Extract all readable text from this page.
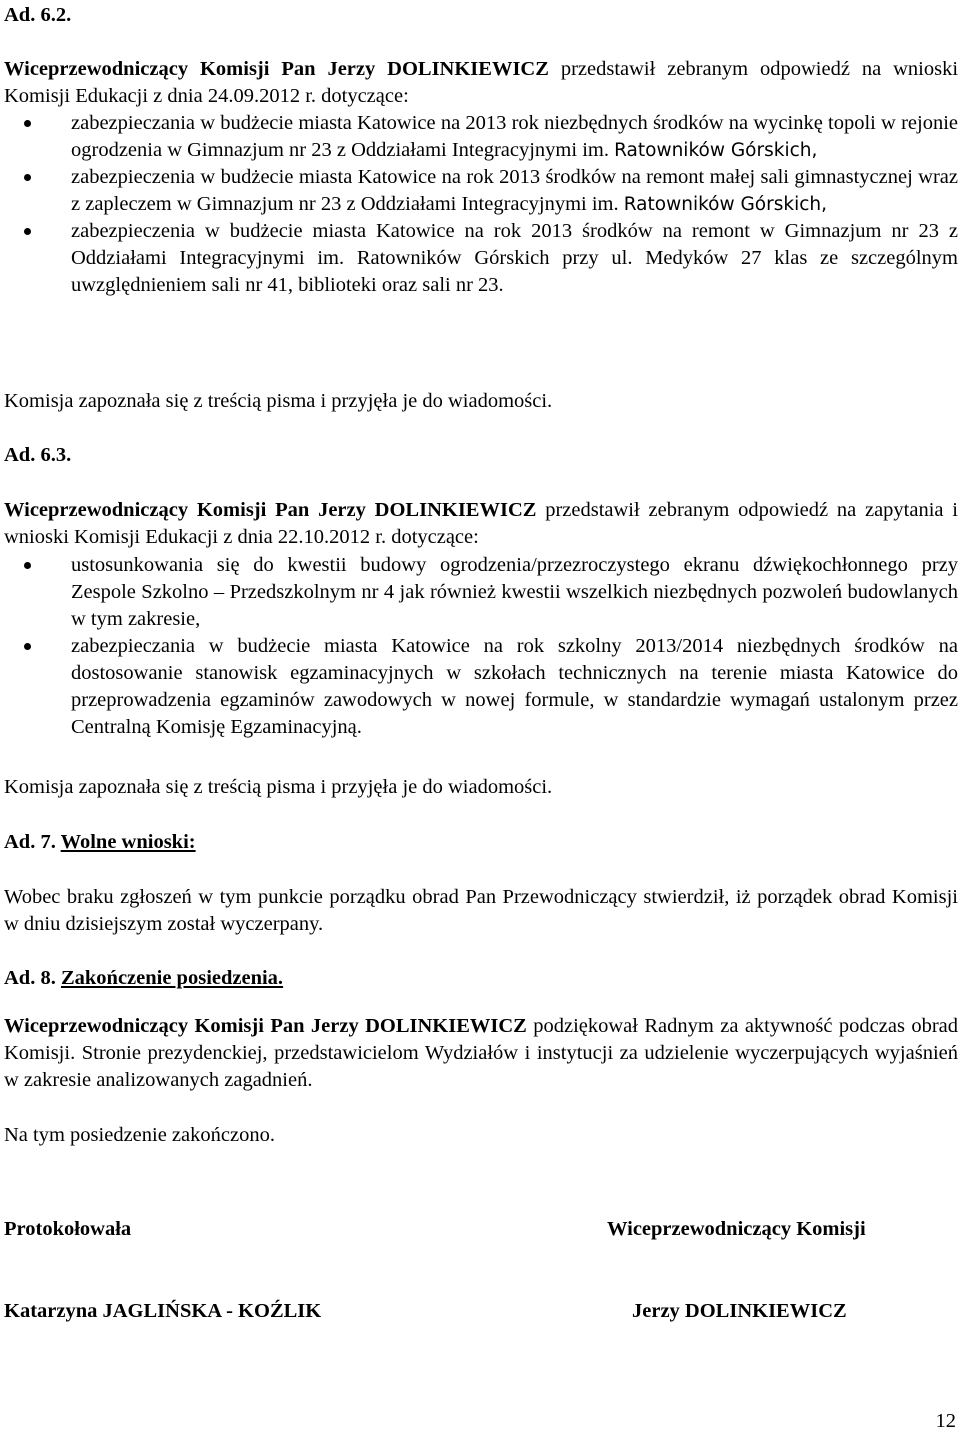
Ad. 6.2.
Wiceprzewodniczący Komisji Pan Jerzy DOLINKIEWICZ przedstawił zebranym odpowiedź na wnioski Komisji Edukacji z dnia 24.09.2012 r. dotyczące:
zabezpieczania w budżecie miasta Katowice na 2013 rok niezbędnych środków na wycinkę topoli w rejonie ogrodzenia w Gimnazjum nr 23 z Oddziałami Integracyjnymi im. Ratowników Górskich,
zabezpieczenia w budżecie miasta Katowice na rok 2013 środków na remont małej sali gimnastycznej wraz z zapleczem w Gimnazjum nr 23 z Oddziałami Integracyjnymi im. Ratowników Górskich,
zabezpieczenia w budżecie miasta Katowice na rok 2013 środków na remont w Gimnazjum nr 23 z Oddziałami Integracyjnymi im. Ratowników Górskich przy ul. Medyków 27 klas ze szczególnym uwzględnieniem sali nr 41, biblioteki oraz sali nr 23.
Komisja zapoznała się z treścią pisma i przyjęła je do wiadomości.
Ad. 6.3.
Wiceprzewodniczący Komisji Pan Jerzy DOLINKIEWICZ przedstawił zebranym odpowiedź na zapytania i wnioski Komisji Edukacji z dnia 22.10.2012 r. dotyczące:
ustosunkowania się do kwestii budowy ogrodzenia/przezroczystego ekranu dźwiękochłonnego przy Zespole Szkolno – Przedszkolnym nr 4 jak również kwestii wszelkich niezbędnych pozwoleń budowlanych w tym zakresie,
zabezpieczania w budżecie miasta Katowice na rok szkolny 2013/2014 niezbędnych środków na dostosowanie stanowisk egzaminacyjnych w szkołach technicznych na terenie miasta Katowice do przeprowadzenia egzaminów zawodowych w nowej formule, w standardzie wymagań ustalonym przez Centralną Komisję Egzaminacyjną.
Komisja zapoznała się z treścią pisma i przyjęła je do wiadomości.
Ad. 7. Wolne wnioski:
Wobec braku zgłoszeń w tym punkcie porządku obrad Pan Przewodniczący stwierdził, iż porządek obrad Komisji w dniu dzisiejszym został wyczerpany.
Ad. 8. Zakończenie posiedzenia.
Wiceprzewodniczący Komisji Pan Jerzy DOLINKIEWICZ podziękował Radnym za aktywność podczas obrad Komisji. Stronie prezydenckiej, przedstawicielom Wydziałów i instytucji za udzielenie wyczerpujących wyjaśnień w zakresie analizowanych zagadnień.
Na tym posiedzenie zakończono.
Protokołowała	Wiceprzewodniczący Komisji
Katarzyna JAGLIŃSKA - KOŹLIK	Jerzy DOLINKIEWICZ
12
